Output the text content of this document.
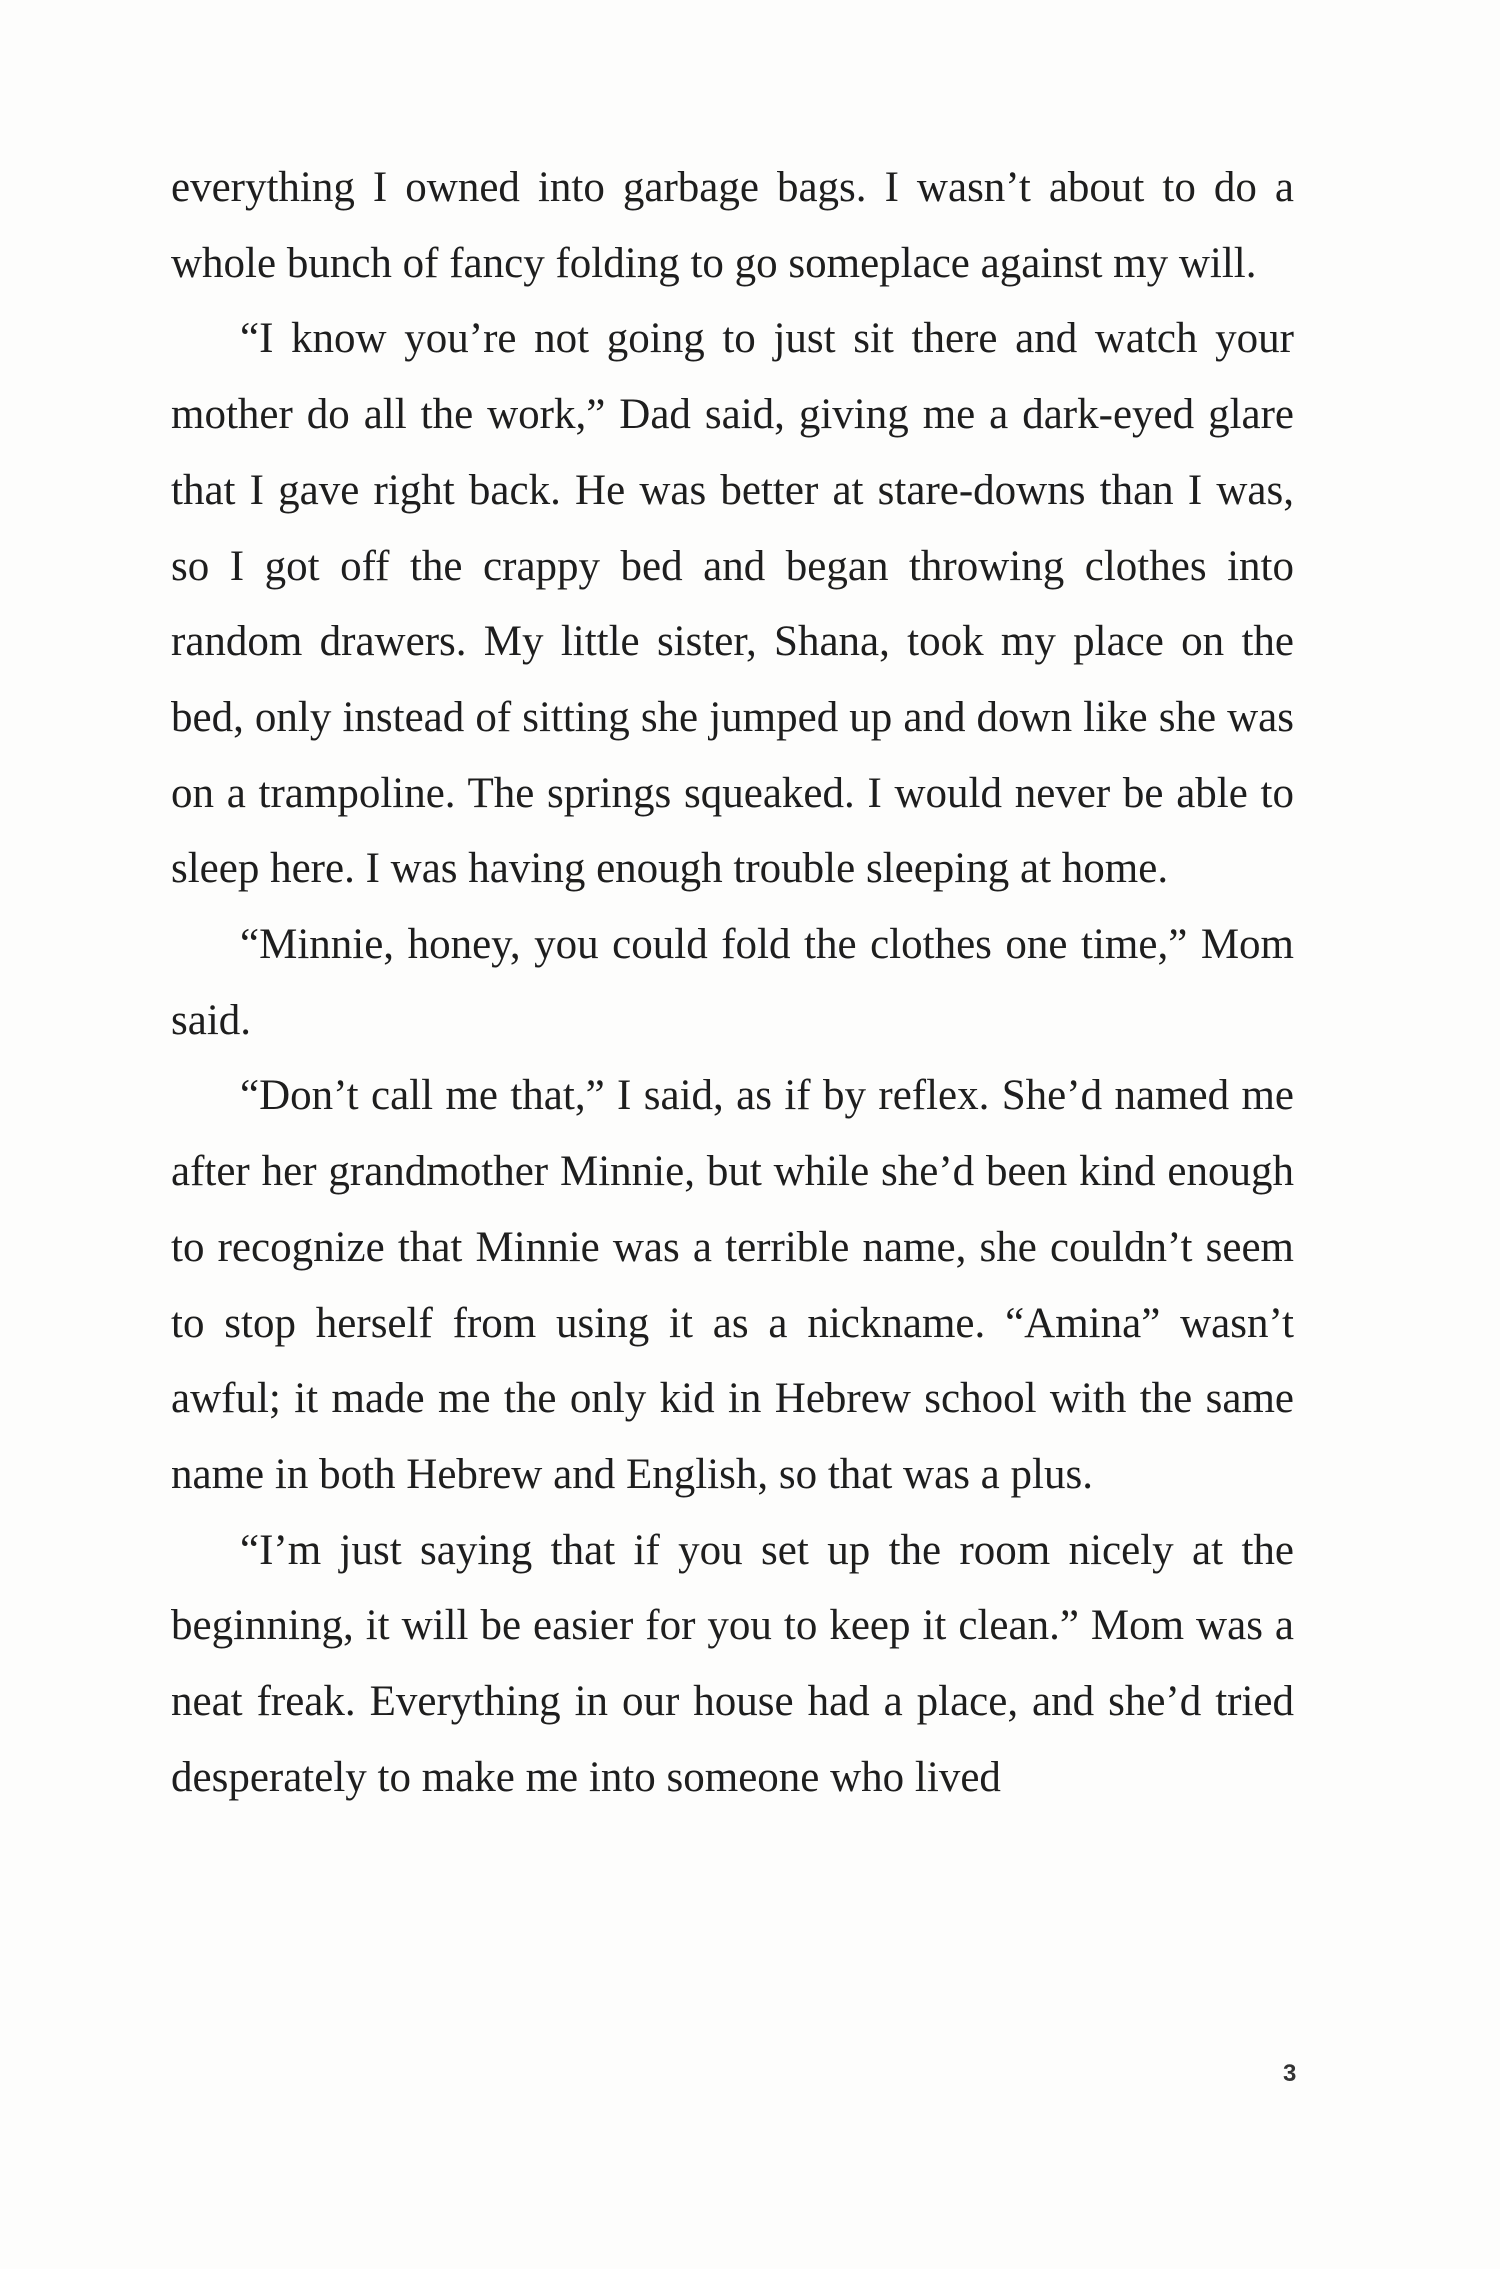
everything I owned into garbage bags. I wasn’t about to do a whole bunch of fancy folding to go someplace against my will.

“I know you’re not going to just sit there and watch your mother do all the work,” Dad said, giving me a dark-eyed glare that I gave right back. He was better at stare-downs than I was, so I got off the crappy bed and began throwing clothes into random drawers. My little sister, Shana, took my place on the bed, only instead of sitting she jumped up and down like she was on a trampoline. The springs squeaked. I would never be able to sleep here. I was having enough trouble sleeping at home.

“Minnie, honey, you could fold the clothes one time,” Mom said.

“Don’t call me that,” I said, as if by reflex. She’d named me after her grandmother Minnie, but while she’d been kind enough to recognize that Minnie was a terrible name, she couldn’t seem to stop herself from using it as a nickname. “Amina” wasn’t awful; it made me the only kid in Hebrew school with the same name in both Hebrew and English, so that was a plus.

“I’m just saying that if you set up the room nicely at the beginning, it will be easier for you to keep it clean.” Mom was a neat freak. Everything in our house had a place, and she’d tried desperately to make me into someone who lived

3
